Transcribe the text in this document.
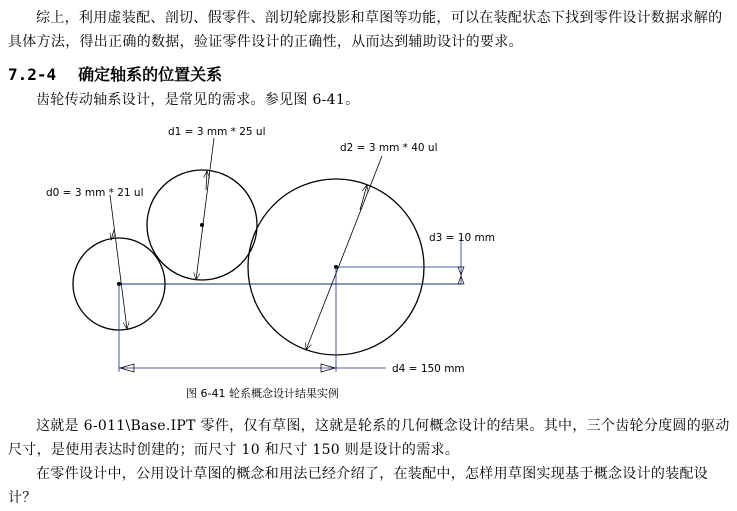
综上，利用虚装配、剖切、假零件、剖切轮廓投影和草图等功能，可以在装配状态下找到零件设计数据求解的具体方法，得出正确的数据，验证零件设计的正确性，从而达到辅助设计的要求。
7.2-4 确定轴系的位置关系
齿轮传动轴系设计，是常见的需求。参见图 6-41。
d0 = 3 mm * 21 ul
d1 = 3 mm * 25 ul
d2 = 3 mm * 40 ul
d3 = 10 mm
d4 = 150 mm
图 6-41 轮系概念设计结果实例
这就是 6-011\Base.IPT 零件，仅有草图，这就是轮系的几何概念设计的结果。其中，三个齿轮分度圆的驱动尺寸，是使用表达时创建的；而尺寸 10 和尺寸 150 则是设计的需求。
在零件设计中，公用设计草图的概念和用法已经介绍了，在装配中，怎样用草图实现基于概念设计的装配设计？
